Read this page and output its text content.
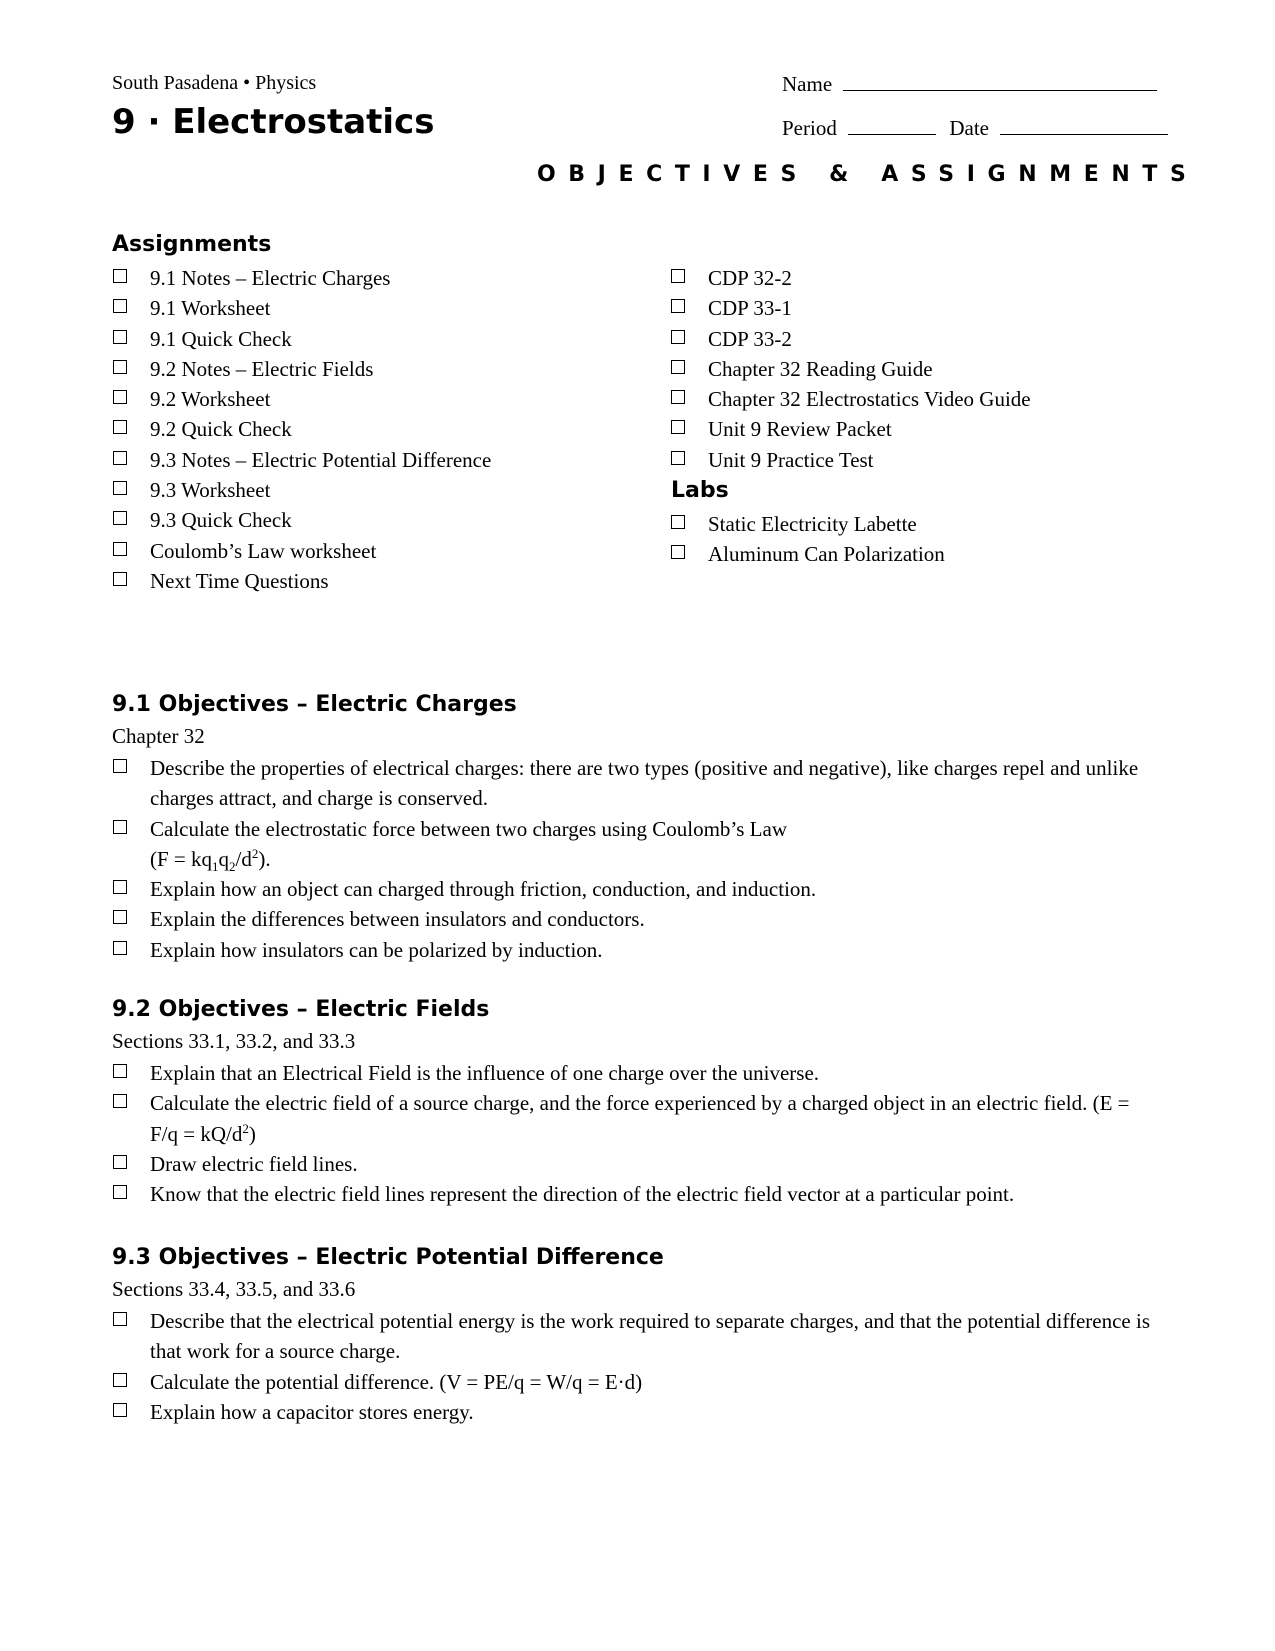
South Pasadena • Physics
9 · Electrostatics
Name
Period	Date
OBJECTIVES & ASSIGNMENTS
Assignments
9.1 Notes – Electric Charges
9.1 Worksheet
9.1 Quick Check
9.2 Notes – Electric Fields
9.2 Worksheet
9.2 Quick Check
9.3 Notes – Electric Potential Difference
9.3 Worksheet
9.3 Quick Check
Coulomb’s Law worksheet
Next Time Questions
CDP 32-2
CDP 33-1
CDP 33-2
Chapter 32 Reading Guide
Chapter 32 Electrostatics Video Guide
Unit 9 Review Packet
Unit 9 Practice Test
Labs
Static Electricity Labette
Aluminum Can Polarization
9.1 Objectives – Electric Charges
Chapter 32
Describe the properties of electrical charges: there are two types (positive and negative), like charges repel and unlike charges attract, and charge is conserved.
Calculate the electrostatic force between two charges using Coulomb’s Law
$(F = kq_1q_2/d^2)$.
Explain how an object can charged through friction, conduction, and induction.
Explain the differences between insulators and conductors.
Explain how insulators can be polarized by induction.
9.2 Objectives – Electric Fields
Sections 33.1, 33.2, and 33.3
Explain that an Electrical Field is the influence of one charge over the universe.
Calculate the electric field of a source charge, and the force experienced by a charged object in an electric field. $(E = F/q = kQ/d^2)$
Draw electric field lines.
Know that the electric field lines represent the direction of the electric field vector at a particular point.
9.3 Objectives – Electric Potential Difference
Sections 33.4, 33.5, and 33.6
Describe that the electrical potential energy is the work required to separate charges, and that the potential difference is that work for a source charge.
Calculate the potential difference. (V = PE/q = W/q = E·d)
Explain how a capacitor stores energy.
